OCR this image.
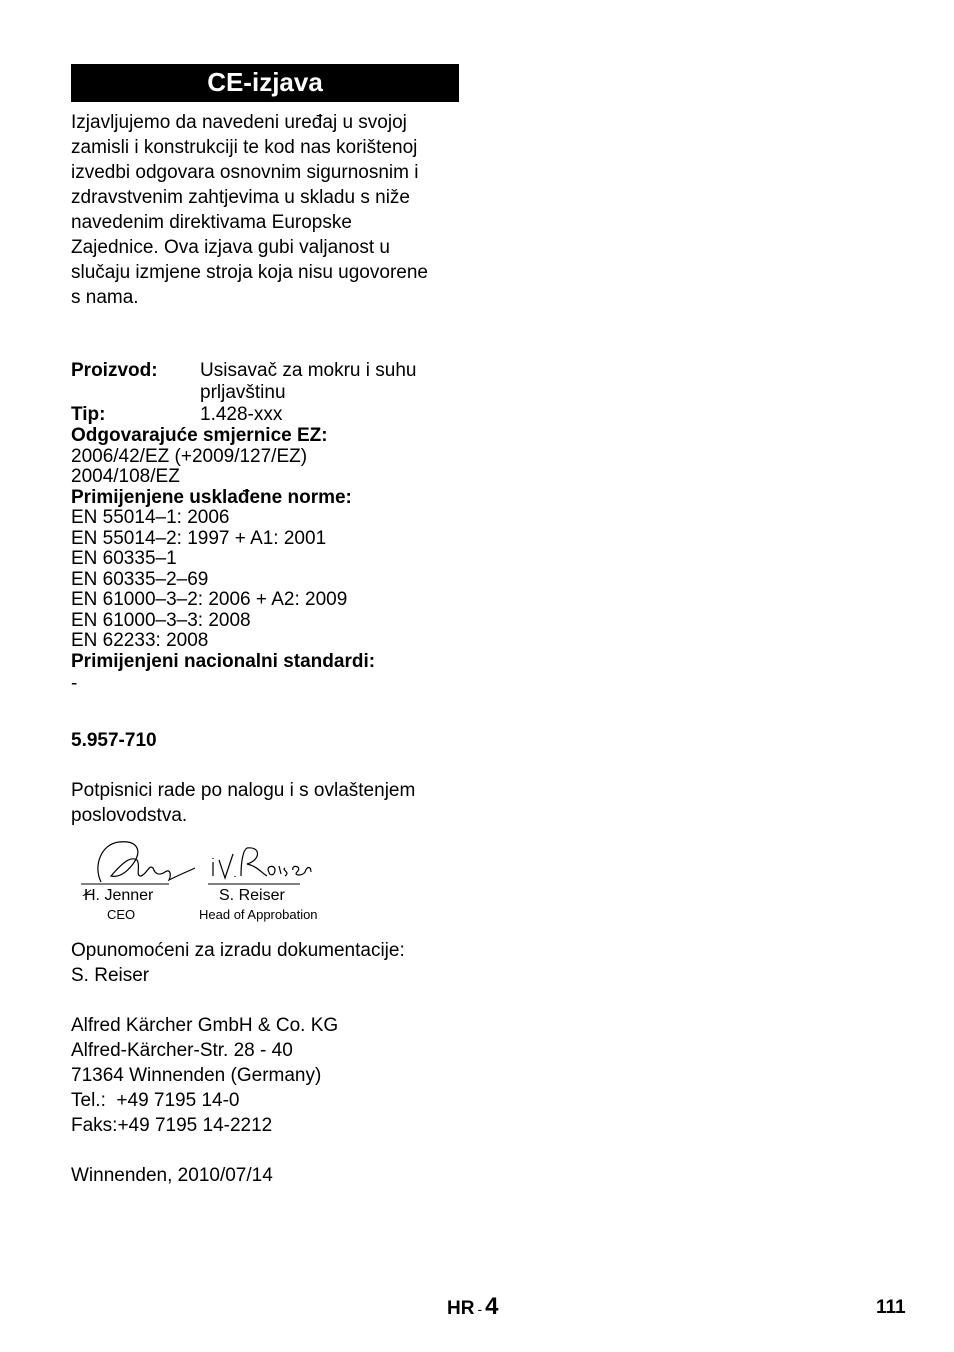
CE-izjava

Izjavljujemo da navedeni uređaj u svojoj

zamisli i konstrukciji te kod nas korištenoj

izvedbi odgovara osnovnim sigurnosnim i

zdravstvenim zahtjevima u skladu s niže

navedenim direktivama Europske

Zajednice. Ova izjava gubi valjanost u

slučaju izmjene stroja koja nisu ugovorene

s nama.

Proizvod:	Usisavač za mokru i suhu
prljavštinu
Tip:	1.428-xxx
Odgovarajuće smjernice EZ:
2006/42/EZ (+2009/127/EZ)
2004/108/EZ
Primijenjene usklađene norme:
EN 55014–1: 2006
EN 55014–2: 1997 + A1: 2001
EN 60335–1
EN 60335–2–69
EN 61000–3–2: 2006 + A2: 2009
EN 61000–3–3: 2008
EN 62233: 2008
Primijenjeni nacionalni standardi:
-
5.957-710

Potpisnici rade po nalogu i s ovlaštenjem

poslovodstva.

H. Jenner
CEO
S. Reiser
Head of Approbation

Opunomoćeni za izradu dokumentacije:

S. Reiser

Alfred Kärcher GmbH & Co. KG

Alfred-Kärcher-Str. 28 - 40

71364 Winnenden (Germany)

Tel.:  +49 7195 14-0

Faks:+49 7195 14-2212

Winnenden, 2010/07/14

HR - 4	111
